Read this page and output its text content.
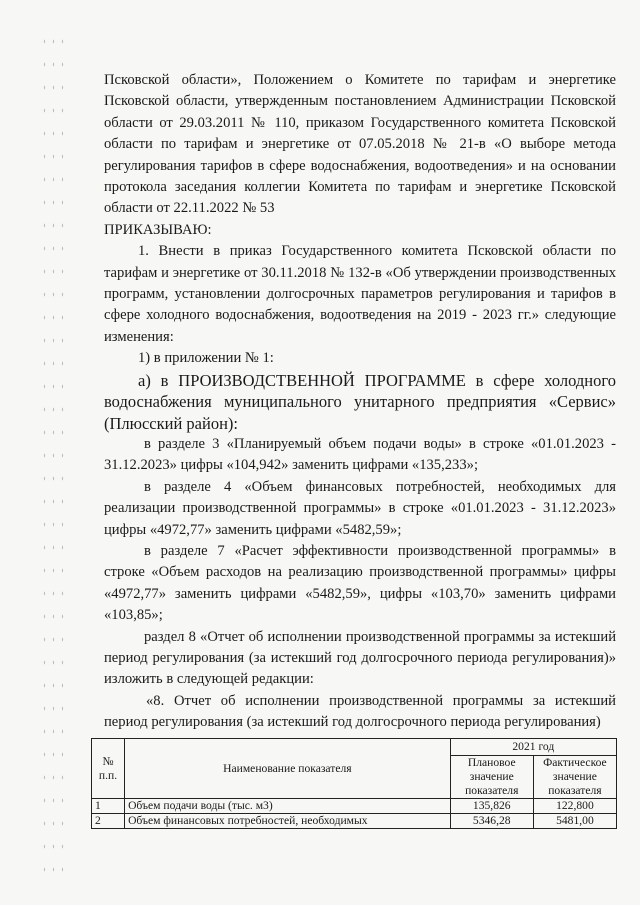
Псковской области», Положением о Комитете по тарифам и энергетике Псковской области, утвержденным постановлением Администрации Псковской области от 29.03.2011 № 110, приказом Государственного комитета Псковской области по тарифам и энергетике от 07.05.2018 № 21-в «О выборе метода регулирования тарифов в сфере водоснабжения, водоотведения» и на основании протокола заседания коллегии Комитета по тарифам и энергетике Псковской области от 22.11.2022 № 53

ПРИКАЗЫВАЮ:

1. Внести в приказ Государственного комитета Псковской области по тарифам и энергетике от 30.11.2018 № 132-в «Об утверждении производственных программ, установлении долгосрочных параметров регулирования и тарифов в сфере холодного водоснабжения, водоотведения на 2019 - 2023 гг.» следующие изменения:

1) в приложении № 1:

а) в ПРОИЗВОДСТВЕННОЙ ПРОГРАММЕ в сфере холодного водоснабжения муниципального унитарного предприятия «Сервис» (Плюсский район):

в разделе 3 «Планируемый объем подачи воды» в строке «01.01.2023 - 31.12.2023» цифры «104,942» заменить цифрами «135,233»;

в разделе 4 «Объем финансовых потребностей, необходимых для реализации производственной программы» в строке «01.01.2023 - 31.12.2023» цифры «4972,77» заменить цифрами «5482,59»;

в разделе 7 «Расчет эффективности производственной программы» в строке «Объем расходов на реализацию производственной программы» цифры «4972,77» заменить цифрами «5482,59», цифры «103,70» заменить цифрами «103,85»;

раздел 8 «Отчет об исполнении производственной программы за истекший период регулирования (за истекший год долгосрочного периода регулирования)» изложить в следующей редакции:

«8. Отчет об исполнении производственной программы за истекший период регулирования (за истекший год долгосрочного периода регулирования)

№ п.п.	Наименование показателя	2021 год	
		Плановое значение показателя	Фактическое значение показателя
1	Объем подачи воды (тыс. м3)	135,826	122,800
2	Объем финансовых потребностей, необходимых	5346,28	5481,00
